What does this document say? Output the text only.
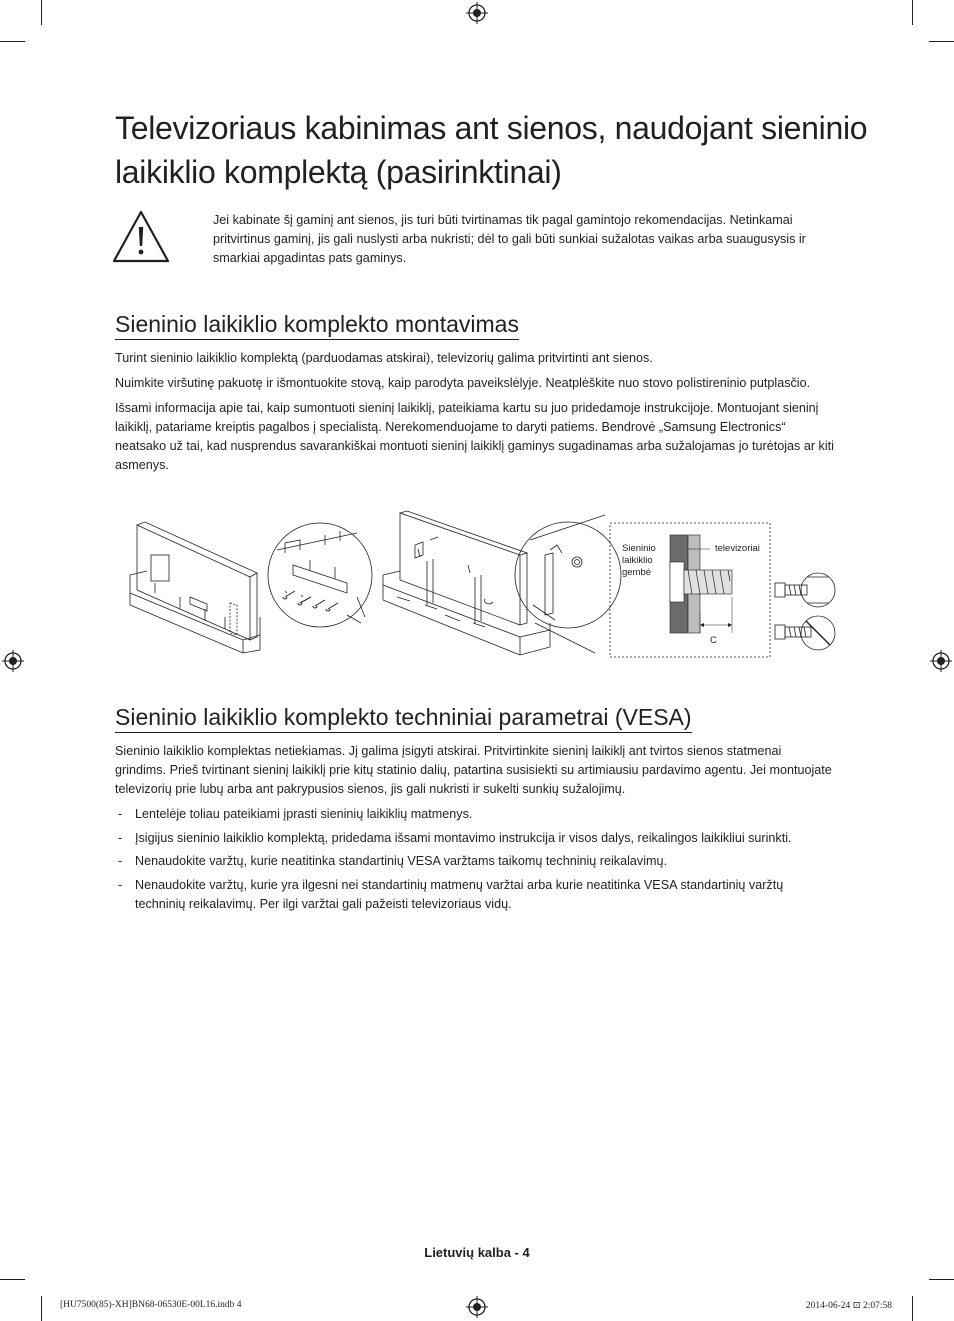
Televizoriaus kabinimas ant sienos, naudojant sieninio laikiklio komplektą (pasirinktinai)

Jei kabinate šį gaminį ant sienos, jis turi būti tvirtinamas tik pagal gamintojo rekomendacijas. Netinkamai pritvirtinus gaminį, jis gali nuslysti arba nukristi; dėl to gali būti sunkiai sužalotas vaikas arba suaugusysis ir smarkiai apgadintas pats gaminys.

Sieninio laikiklio komplekto montavimas

Turint sieninio laikiklio komplektą (parduodamas atskirai), televizorių galima pritvirtinti ant sienos.

Nuimkite viršutinę pakuotę ir išmontuokite stovą, kaip parodyta paveikslėlyje. Neatplėškite nuo stovo polistireninio putplasčio.

Išsami informacija apie tai, kaip sumontuoti sieninį laikiklį, pateikiama kartu su juo pridedamoje instrukcijoje. Montuojant sieninį laikiklį, patariame kreiptis pagalbos į specialistą. Nerekomenduojame to daryti patiems. Bendrovė „Samsung Electronics“ neatsako už tai, kad nusprendus savarankiškai montuoti sieninį laikiklį gaminys sugadinamas arba sužalojamas jo turėtojas ar kiti asmenys.

Sieninio
laikiklio
gembė
televizoriai
C
Sieninio laikiklio komplekto techniniai parametrai (VESA)

Sieninio laikiklio komplektas netiekiamas. Jį galima įsigyti atskirai. Pritvirtinkite sieninį laikiklį ant tvirtos sienos statmenai grindims. Prieš tvirtinant sieninį laikiklį prie kitų statinio dalių, patartina susisiekti su artimiausiu pardavimo agentu. Jei montuojate televizorių prie lubų arba ant pakrypusios sienos, jis gali nukristi ir sukelti sunkių sužalojimų.

- Lentelėje toliau pateikiami įprasti sieninių laikiklių matmenys.
- Įsigijus sieninio laikiklio komplektą, pridedama išsami montavimo instrukcija ir visos dalys, reikalingos laikikliui surinkti.
- Nenaudokite varžtų, kurie neatitinka standartinių VESA varžtams taikomų techninių reikalavimų.
- Nenaudokite varžtų, kurie yra ilgesni nei standartinių matmenų varžtai arba kurie neatitinka VESA standartinių varžtų techninių reikalavimų. Per ilgi varžtai gali pažeisti televizoriaus vidų.
Lietuvių kalba - 4
[HU7500(85)-XH]BN68-06530E-00L16.indb 4	2014-06-24 ⊡ 2:07:58
